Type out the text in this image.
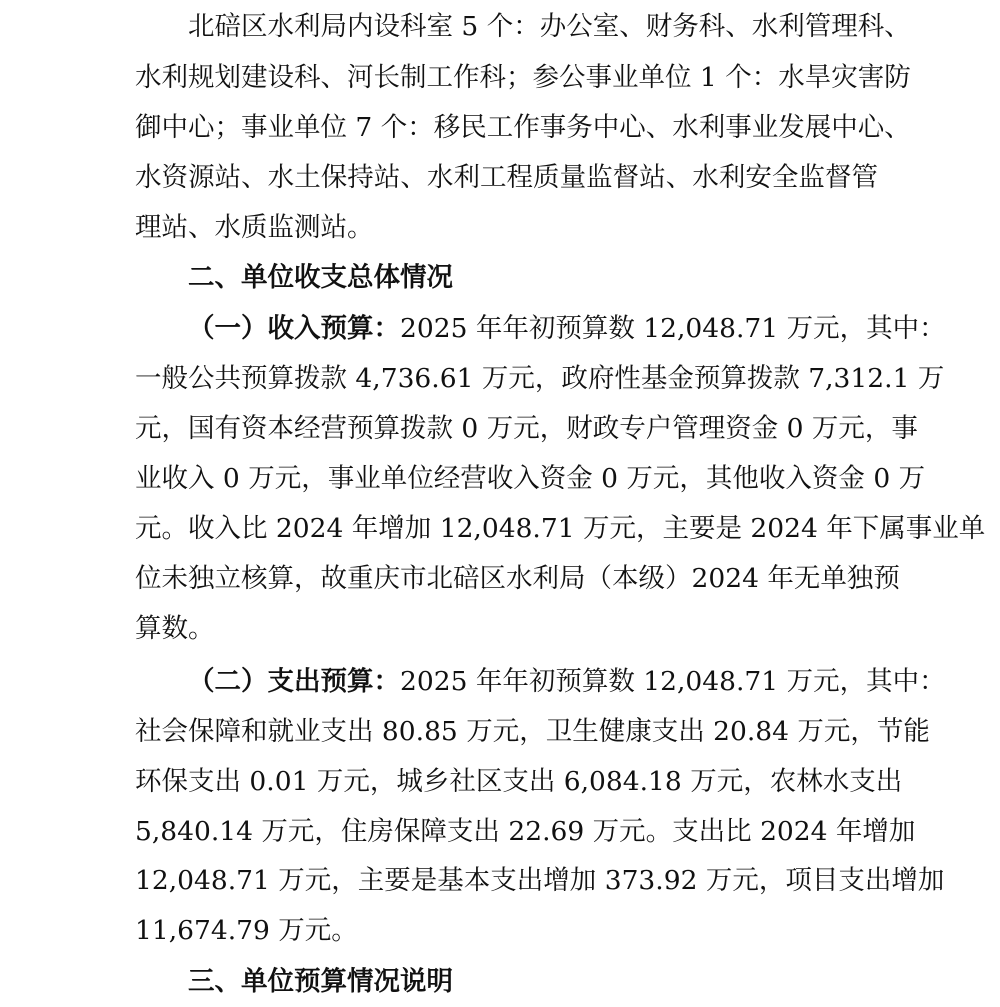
北碚区水利局内设科室 5 个：办公室、财务科、水利管理科、
水利规划建设科、河长制工作科；参公事业单位 1 个：水旱灾害防
御中心；事业单位 7 个：移民工作事务中心、水利事业发展中心、
水资源站、水土保持站、水利工程质量监督站、水利安全监督管
理站、水质监测站。
二、单位收支总体情况
（一）收入预算：2025 年年初预算数 12,048.71 万元，其中：
一般公共预算拨款 4,736.61 万元，政府性基金预算拨款 7,312.1 万
元，国有资本经营预算拨款 0 万元，财政专户管理资金 0 万元，事
业收入 0 万元，事业单位经营收入资金 0 万元，其他收入资金 0 万
元。收入比 2024 年增加 12,048.71 万元，主要是 2024 年下属事业单
位未独立核算，故重庆市北碚区水利局（本级）2024 年无单独预
算数。
（二）支出预算：2025 年年初预算数 12,048.71 万元，其中：
社会保障和就业支出 80.85 万元，卫生健康支出 20.84 万元，节能
环保支出 0.01 万元，城乡社区支出 6,084.18 万元，农林水支出
5,840.14 万元，住房保障支出 22.69 万元。支出比 2024 年增加
12,048.71 万元，主要是基本支出增加 373.92 万元，项目支出增加
11,674.79 万元。
三、单位预算情况说明
